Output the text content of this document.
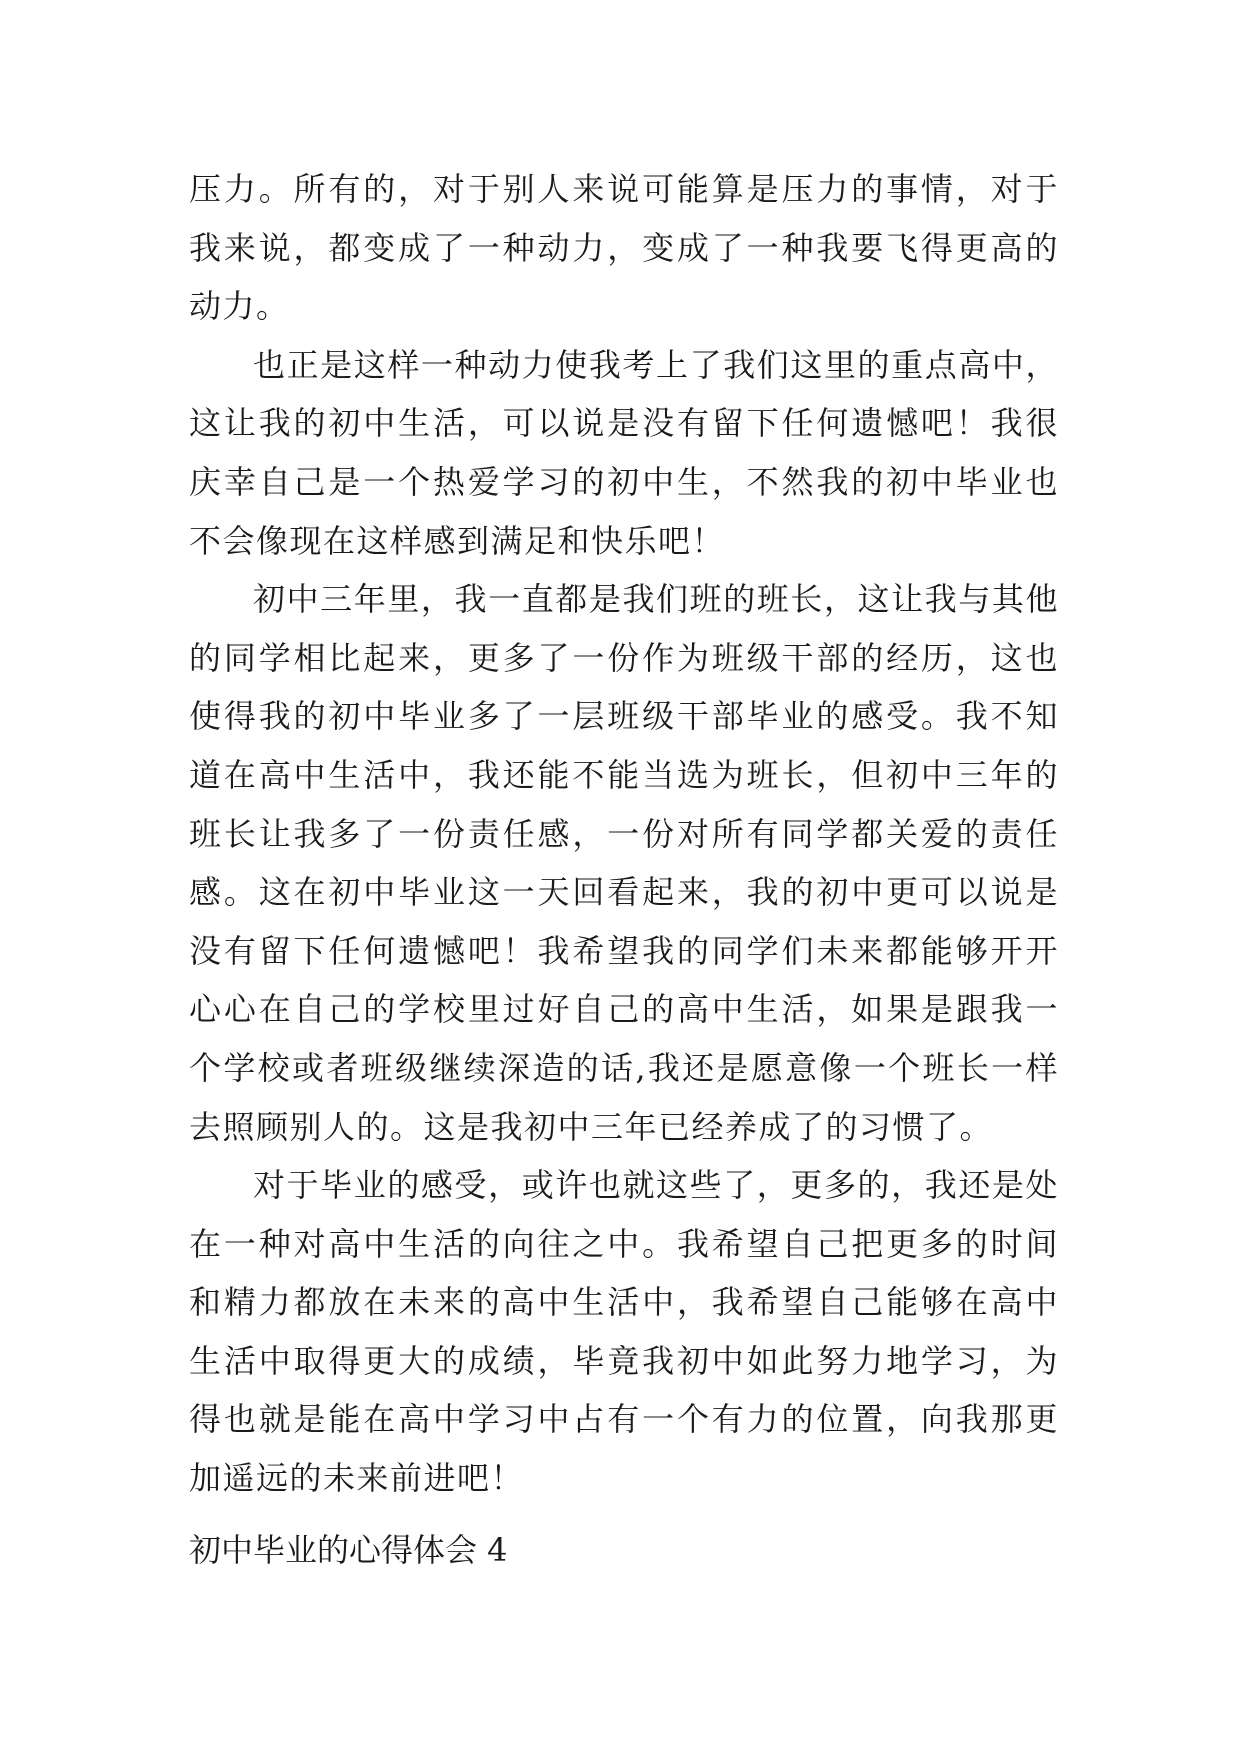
压力。所有的，对于别人来说可能算是压力的事情，对于我来说，都变成了一种动力，变成了一种我要飞得更高的动力。

也正是这样一种动力使我考上了我们这里的重点高中，这让我的初中生活，可以说是没有留下任何遗憾吧！我很庆幸自己是一个热爱学习的初中生，不然我的初中毕业也不会像现在这样感到满足和快乐吧！

初中三年里，我一直都是我们班的班长，这让我与其他的同学相比起来，更多了一份作为班级干部的经历，这也使得我的初中毕业多了一层班级干部毕业的感受。我不知道在高中生活中，我还能不能当选为班长，但初中三年的班长让我多了一份责任感，一份对所有同学都关爱的责任感。这在初中毕业这一天回看起来，我的初中更可以说是没有留下任何遗憾吧！我希望我的同学们未来都能够开开心心在自己的学校里过好自己的高中生活，如果是跟我一个学校或者班级继续深造的话,我还是愿意像一个班长一样去照顾别人的。这是我初中三年已经养成了的习惯了。

对于毕业的感受，或许也就这些了，更多的，我还是处在一种对高中生活的向往之中。我希望自己把更多的时间和精力都放在未来的高中生活中，我希望自己能够在高中生活中取得更大的成绩，毕竟我初中如此努力地学习，为得也就是能在高中学习中占有一个有力的位置，向我那更加遥远的未来前进吧！

初中毕业的心得体会 4
